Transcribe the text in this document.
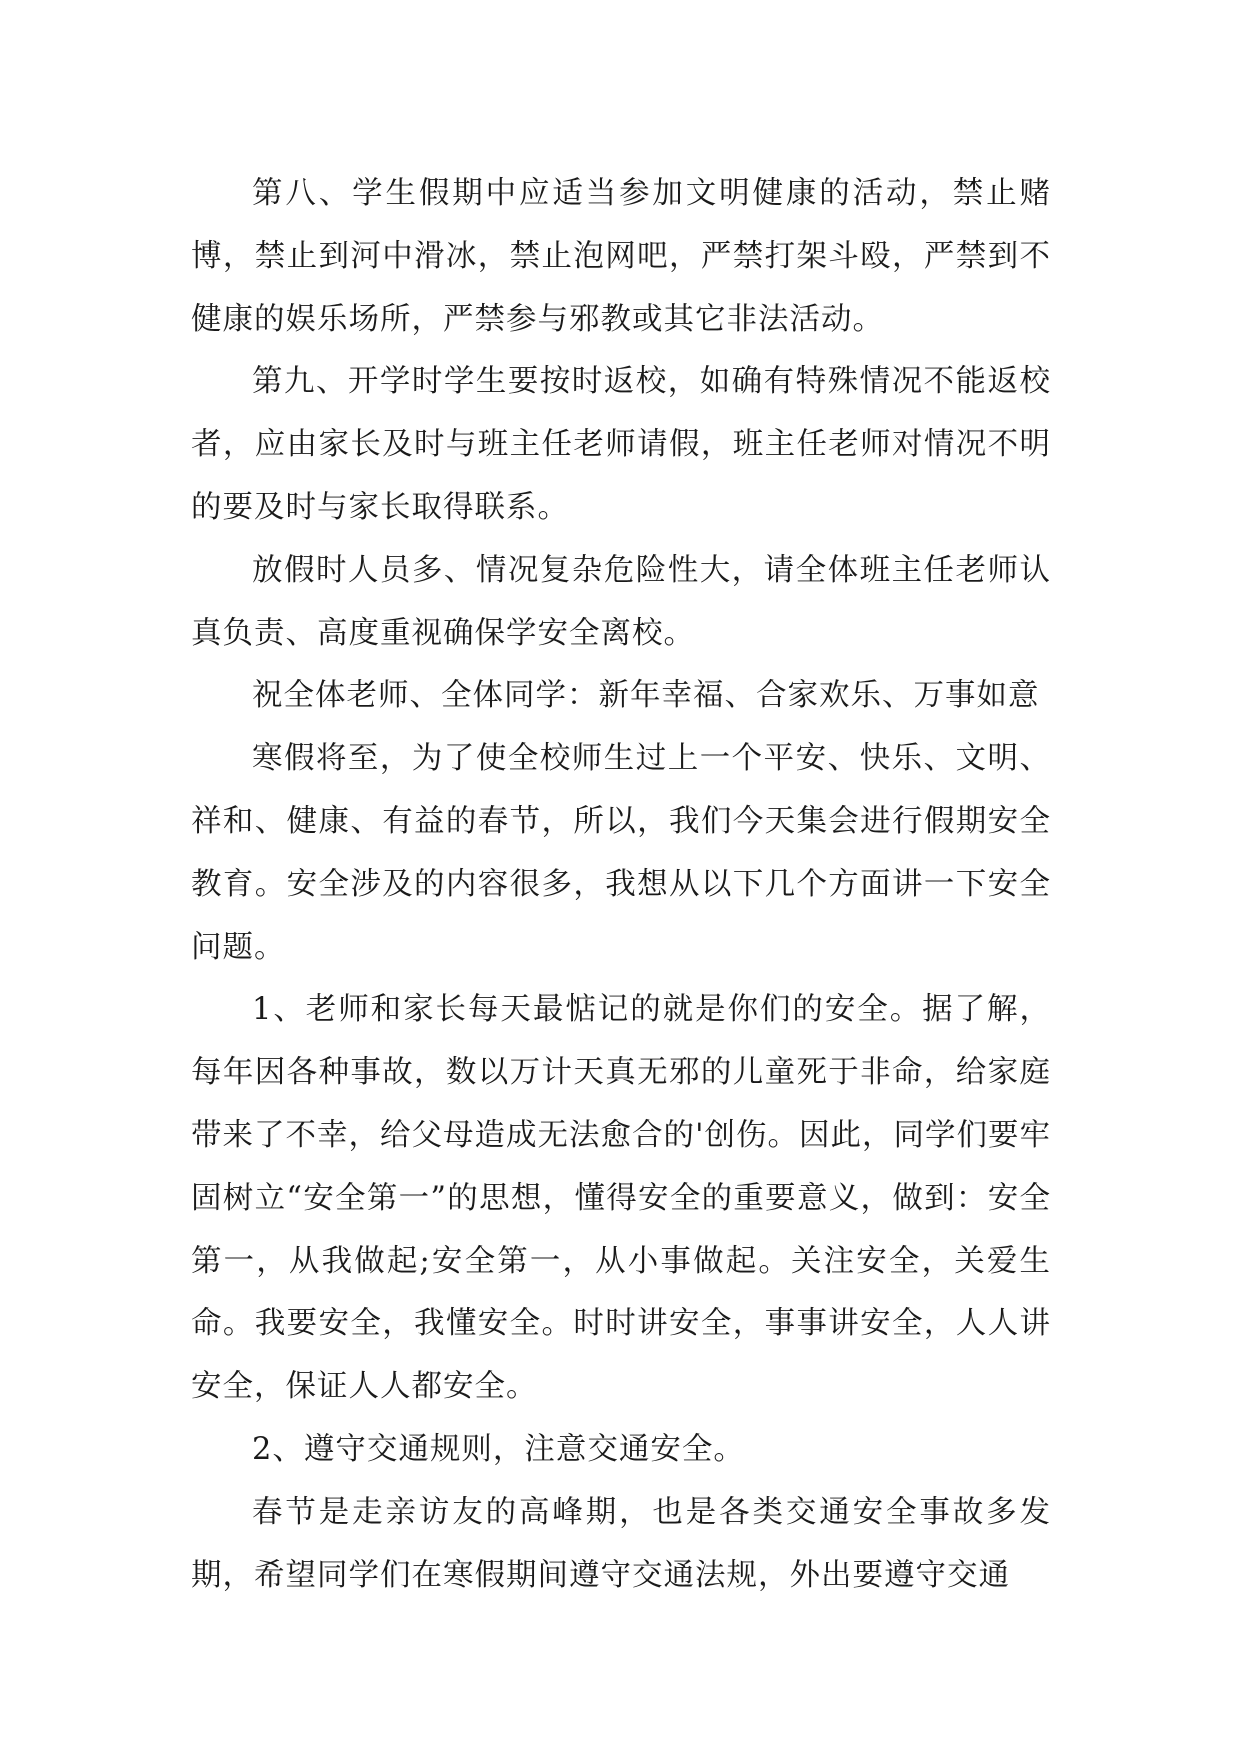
第八、学生假期中应适当参加文明健康的活动，禁止赌博，禁止到河中滑冰，禁止泡网吧，严禁打架斗殴，严禁到不健康的娱乐场所，严禁参与邪教或其它非法活动。

第九、开学时学生要按时返校，如确有特殊情况不能返校者，应由家长及时与班主任老师请假，班主任老师对情况不明的要及时与家长取得联系。

放假时人员多、情况复杂危险性大，请全体班主任老师认真负责、高度重视确保学安全离校。

祝全体老师、全体同学：新年幸福、合家欢乐、万事如意

寒假将至，为了使全校师生过上一个平安、快乐、文明、祥和、健康、有益的春节，所以，我们今天集会进行假期安全教育。安全涉及的内容很多，我想从以下几个方面讲一下安全问题。

1、老师和家长每天最惦记的就是你们的安全。据了解，每年因各种事故，数以万计天真无邪的儿童死于非命，给家庭带来了不幸，给父母造成无法愈合的'创伤。因此，同学们要牢固树立“安全第一”的思想，懂得安全的重要意义，做到：安全第一，从我做起;安全第一，从小事做起。关注安全，关爱生命。我要安全，我懂安全。时时讲安全，事事讲安全，人人讲安全，保证人人都安全。

2、遵守交通规则，注意交通安全。

春节是走亲访友的高峰期，也是各类交通安全事故多发期，希望同学们在寒假期间遵守交通法规，外出要遵守交通
